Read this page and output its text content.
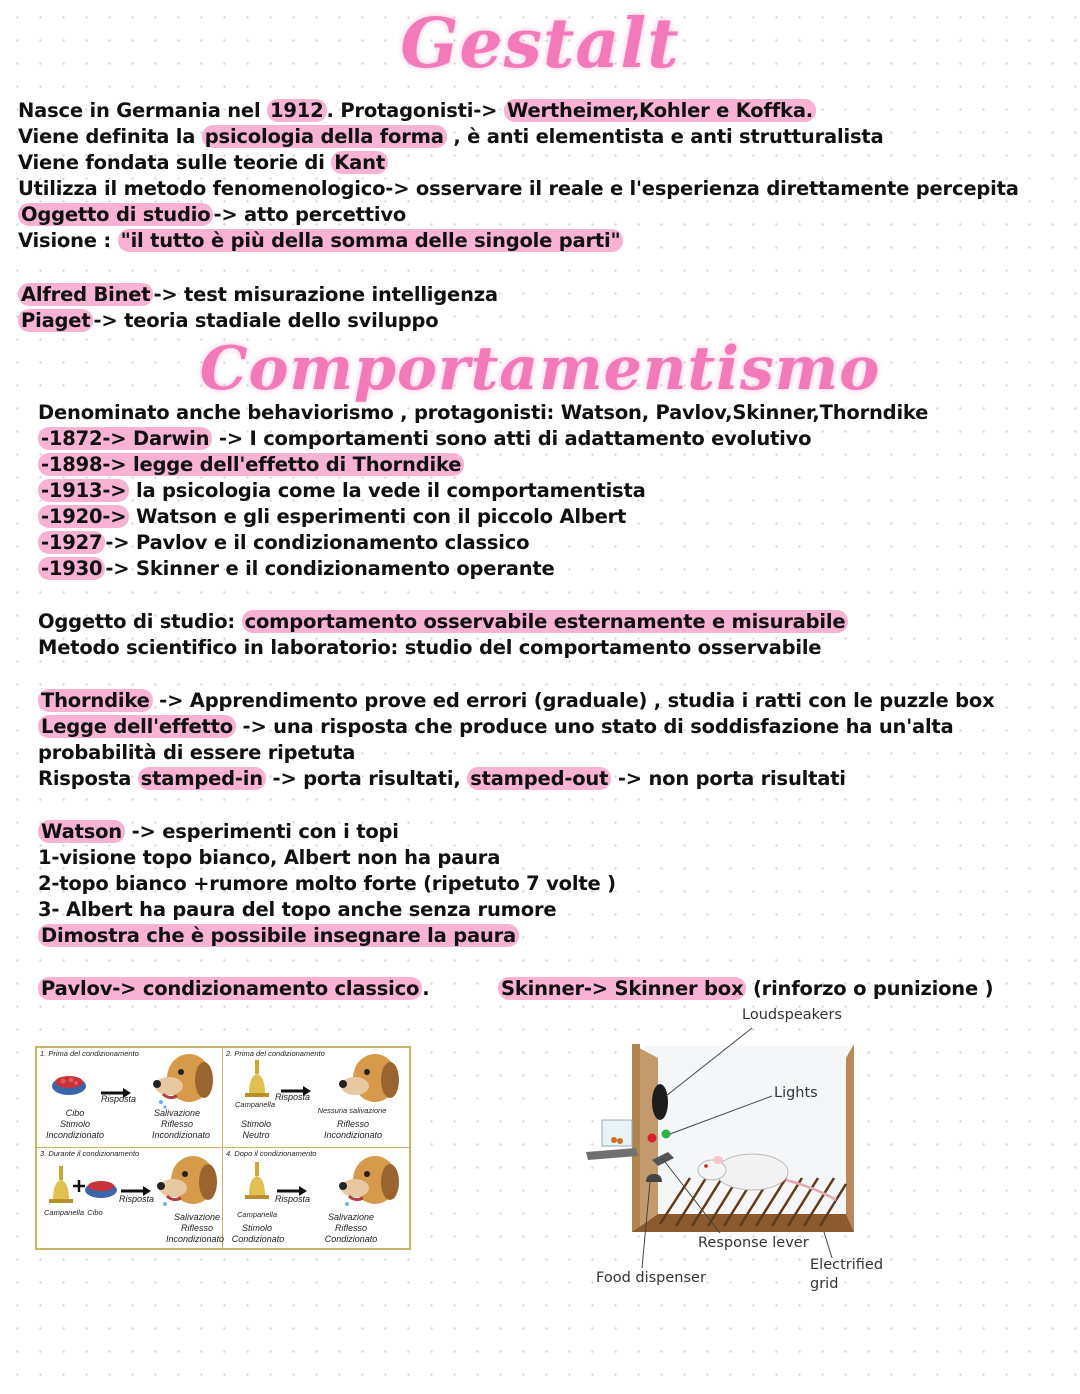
Gestalt
Comportamentismo
Nasce in Germania nel 1912 . Protagonisti-> Wertheimer,Kohler e Koffka.
Viene definita la psicologia della forma , è anti elementista e anti strutturalista
Viene fondata sulle teorie di Kant
Utilizza il metodo fenomenologico-> osservare il reale e l'esperienza direttamente percepita
Oggetto di studio -> atto percettivo
Visione : "il tutto è più della somma delle singole parti"
Alfred Binet -> test misurazione intelligenza
Piaget -> teoria stadiale dello sviluppo
Denominato anche behaviorismo , protagonisti: Watson, Pavlov,Skinner,Thorndike
-1872-> Darwin -> I comportamenti sono atti di adattamento evolutivo
-1898-> legge dell'effetto di Thorndike
-1913-> la psicologia come la vede il comportamentista
-1920-> Watson e gli esperimenti con il piccolo Albert
-1927 -> Pavlov e il condizionamento classico
-1930 -> Skinner e il condizionamento operante
Oggetto di studio: comportamento osservabile esternamente e misurabile
Metodo scientifico in laboratorio: studio del comportamento osservabile
Thorndike -> Apprendimento prove ed errori (graduale) , studia i ratti con le puzzle box
Legge dell'effetto -> una risposta che produce uno stato di soddisfazione ha un'alta
probabilità di essere ripetuta
Risposta stamped-in -> porta risultati, stamped-out -> non porta risultati
Watson -> esperimenti con i topi
1-visione topo bianco, Albert non ha paura
2-topo bianco +rumore molto forte (ripetuto 7 volte )
3- Albert ha paura del topo anche senza rumore
Dimostra che è possibile insegnare la paura
Pavlov-> condizionamento classico .	Skinner-> Skinner box (rinforzo o punizione )
1. Prima del condizionamento
Risposta
Cibo
Stimolo
Incondizionato
Salivazione
Riflesso
Incondizionato
2. Prima del condizionamento
Risposta
Campanella
Stimolo
Neutro
Nessuna salivazione
Riflesso
Incondizionato
3. Durante il condizionamento
Risposta
Campanella Cibo	Salivazione
Riflesso
Incondizionato
4. Dopo il condizionamento
Risposta
Campanella
Stimolo
Condizionato
Salivazione
Riflesso
Condizionato
Loudspeakers
Lights
Response lever
Food dispenser
Electrified
grid
